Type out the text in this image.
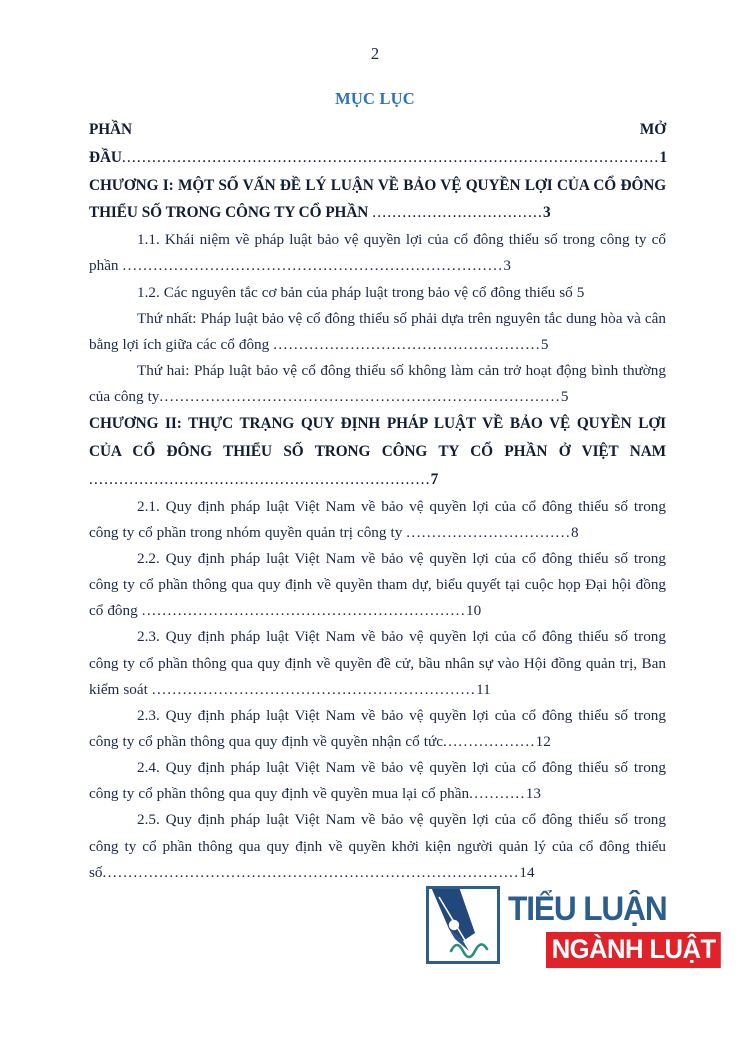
2
MỤC LỤC

PHẦN MỞ ĐẦU...........................................................................................................1

CHƯƠNG I: MỘT SỐ VẤN ĐỀ LÝ LUẬN VỀ BẢO VỆ QUYỀN LỢI CỦA CỔ ĐÔNG THIỂU SỐ TRONG CÔNG TY CỔ PHẦN ..................................3

1.1. Khái niệm về pháp luật bảo vệ quyền lợi của cổ đông thiểu số trong công ty cổ phần ..........................................................................3

1.2. Các nguyên tắc cơ bản của pháp luật trong bảo vệ cổ đông thiểu số 5

Thứ nhất: Pháp luật bảo vệ cổ đông thiểu số phải dựa trên nguyên tắc dung hòa và cân bằng lợi ích giữa các cổ đông ....................................................5

Thứ hai: Pháp luật bảo vệ cổ đông thiểu số không làm cản trở hoạt động bình thường của công ty..............................................................................5

CHƯƠNG II: THỰC TRẠNG QUY ĐỊNH PHÁP LUẬT VỀ BẢO VỆ QUYỀN LỢI CỦA CỔ ĐÔNG THIỂU SỐ TRONG CÔNG TY CỔ PHẦN Ở VIỆT NAM ....................................................................7

2.1. Quy định pháp luật Việt Nam về bảo vệ quyền lợi của cổ đông thiểu số trong công ty cổ phần trong nhóm quyền quản trị công ty ................................8

2.2. Quy định pháp luật Việt Nam về bảo vệ quyền lợi của cổ đông thiểu số trong công ty cổ phần thông qua quy định về quyền tham dự, biểu quyết tại cuộc họp Đại hội đồng cổ đông ...............................................................10

2.3. Quy định pháp luật Việt Nam về bảo vệ quyền lợi của cổ đông thiểu số trong công ty cổ phần thông qua quy định về quyền đề cử, bầu nhân sự vào Hội đồng quản trị, Ban kiểm soát ...............................................................11

2.3. Quy định pháp luật Việt Nam về bảo vệ quyền lợi của cổ đông thiểu số trong công ty cổ phần thông qua quy định về quyền nhận cổ tức..................12

2.4. Quy định pháp luật Việt Nam về bảo vệ quyền lợi của cổ đông thiểu số trong công ty cổ phần thông qua quy định về quyền mua lại cổ phần...........13

2.5. Quy định pháp luật Việt Nam về bảo vệ quyền lợi của cổ đông thiểu số trong công ty cổ phần thông qua quy định về quyền khởi kiện người quản lý của cổ đông thiểu số.................................................................................14

TIỂU LUẬN
NGÀNH LUẬT
